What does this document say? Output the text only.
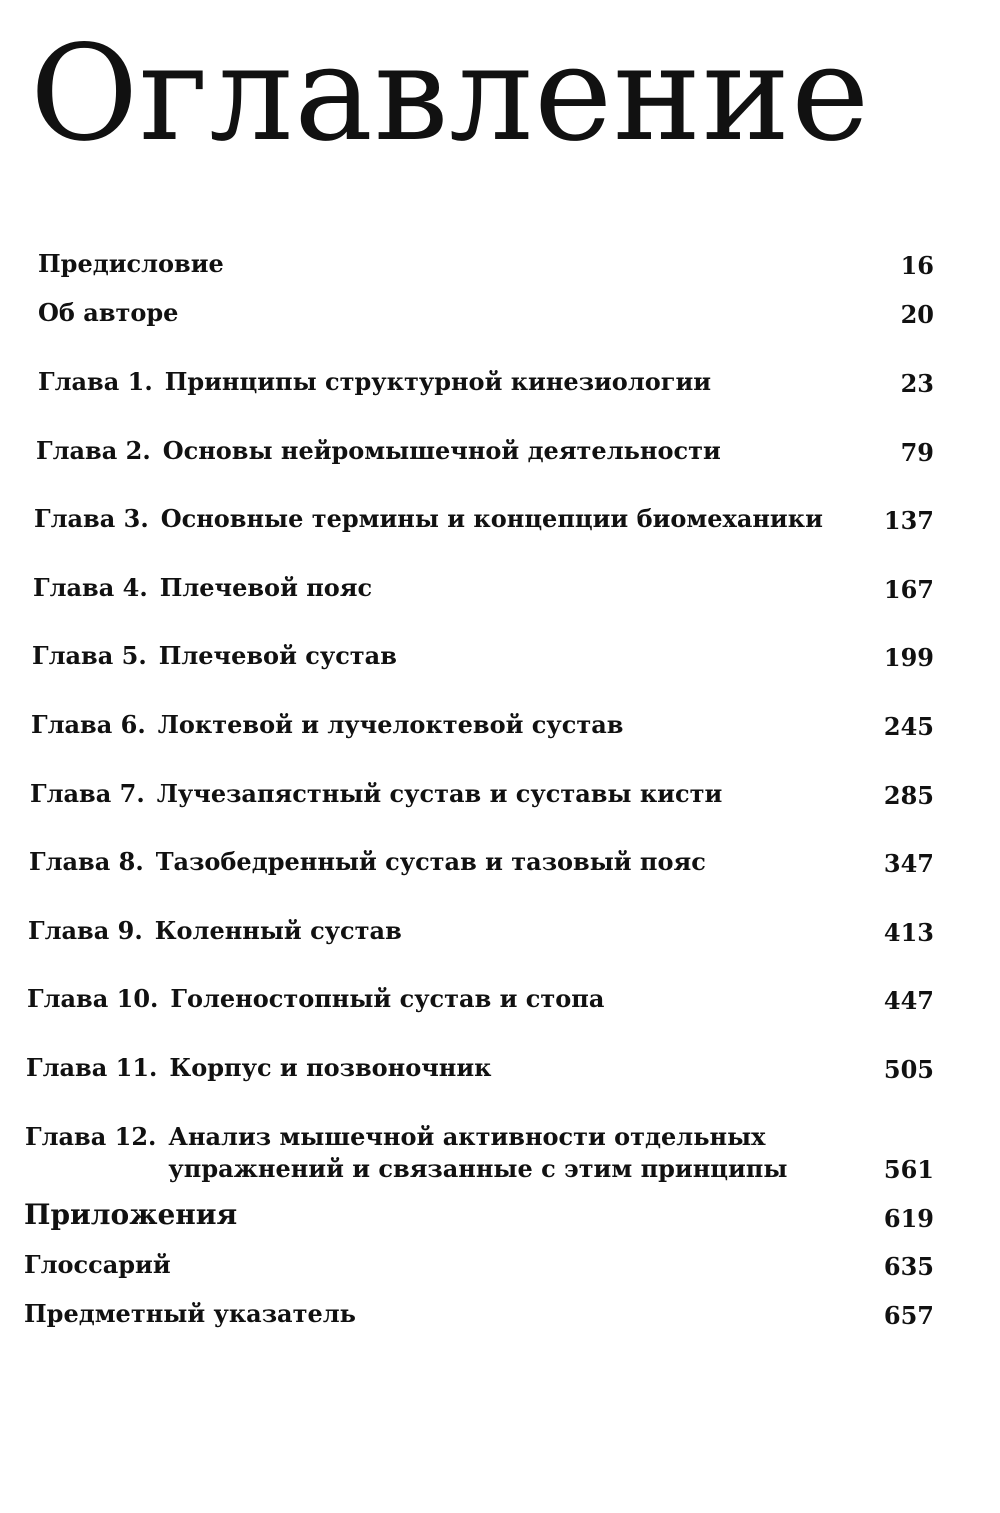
Оглавление
Предисловие	16
Об авторе	20
Глава 1. Принципы структурной кинезиологии	23
Глава 2. Основы нейромышечной деятельности	79
Глава 3. Основные термины и концепции биомеханики	137
Глава 4. Плечевой пояс	167
Глава 5. Плечевой сустав	199
Глава 6. Локтевой и лучелоктевой сустав	245
Глава 7. Лучезапястный сустав и суставы кисти	285
Глава 8. Тазобедренный сустав и тазовый пояс	347
Глава 9. Коленный сустав	413
Глава 10. Голеностопный сустав и стопа	447
Глава 11. Корпус и позвоночник	505
Глава 12. Анализ мышечной активности отдельных
упражнений и связанные с этим принципы	561
Приложения	619
Глоссарий	635
Предметный указатель	657
